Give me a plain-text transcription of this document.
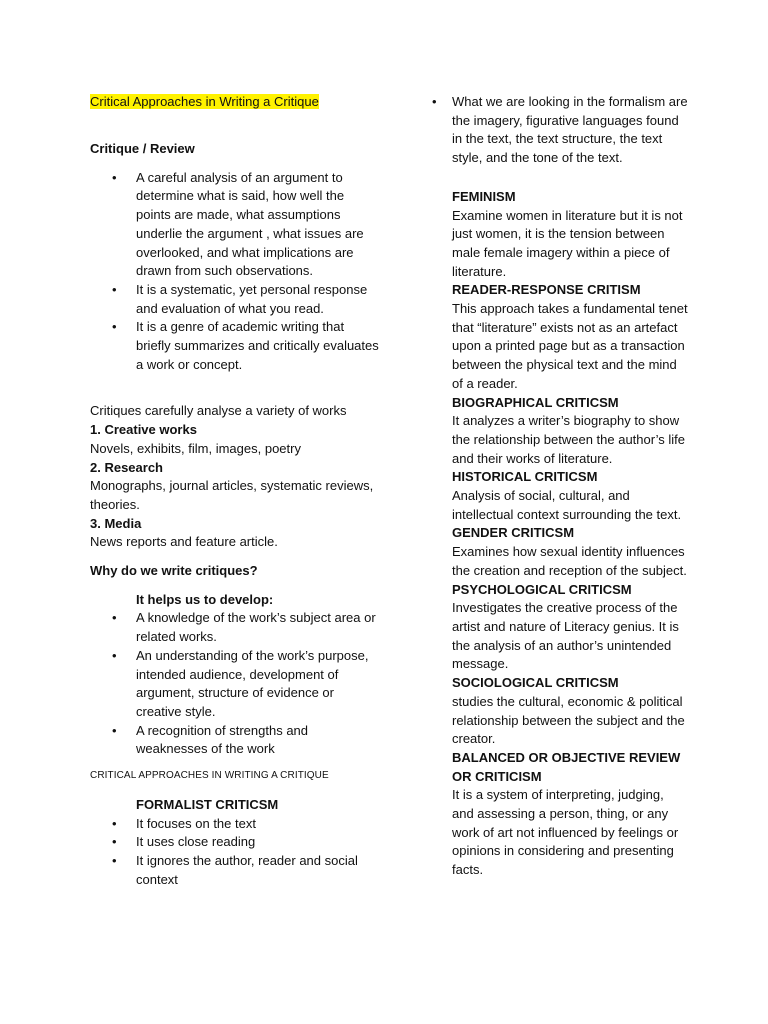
Critical Approaches in Writing a Critique

Critique / Review

• A careful analysis of an argument to determine what is said, how well the points are made, what assumptions underlie the argument , what issues are overlooked, and what implications are drawn from such observations.
• It is a systematic, yet personal response and evaluation of what you read.
• It is a genre of academic writing that briefly summarizes and critically evaluates a work or concept.

Critiques carefully analyse a variety of works

1. Creative works

Novels, exhibits, film, images, poetry

2. Research

Monographs, journal articles, systematic reviews, theories.

3. Media

News reports and feature article.

Why do we write critiques?

It helps us to develop:

• A knowledge of the work’s subject area or related works.
• An understanding of the work’s purpose, intended audience, development of argument, structure of evidence or creative style.
• A recognition of strengths and weaknesses of the work

CRITICAL APPROACHES IN WRITING A CRITIQUE

FORMALIST CRITICSM

• It focuses on the text
• It uses close reading
• It ignores the author, reader and social context
• What we are looking in the formalism are the imagery, figurative languages found in the text, the text structure, the text style, and the tone of the text.

FEMINISM

Examine women in literature but it is not just women, it is the tension between male female imagery within a piece of literature.

READER-RESPONSE CRITISM

This approach takes a fundamental tenet that “literature” exists not as an artefact upon a printed page but as a transaction between the physical text and the mind of a reader.

BIOGRAPHICAL CRITICSM

It analyzes a writer’s biography to show the relationship between the author’s life and their works of literature.

HISTORICAL CRITICSM

Analysis of social, cultural, and intellectual context surrounding the text.

GENDER CRITICSM

Examines how sexual identity influences the creation and reception of the subject.

PSYCHOLOGICAL CRITICSM

Investigates the creative process of the artist and nature of Literacy genius. It is the analysis of an author’s unintended message.

SOCIOLOGICAL CRITICSM

studies the cultural, economic & political relationship between the subject and the creator.

BALANCED OR OBJECTIVE REVIEW OR CRITICISM

It is a system of interpreting, judging, and assessing a person, thing, or any work of art not influenced by feelings or opinions in considering and presenting facts.
